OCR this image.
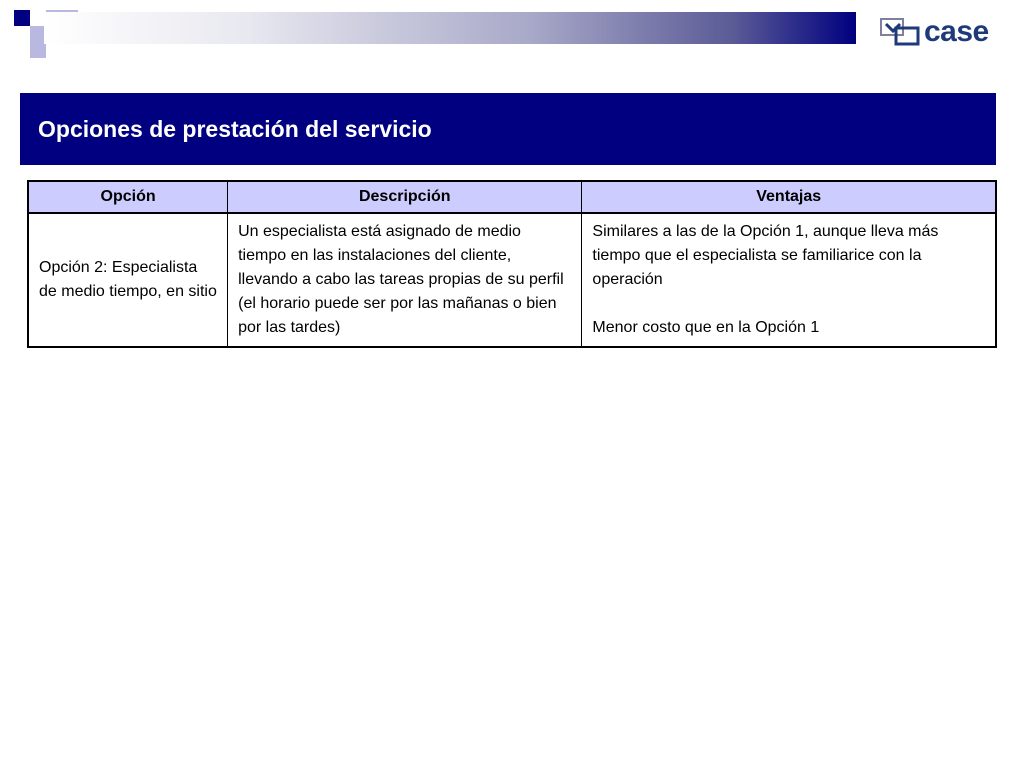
case
Opciones de prestación del servicio
Opción	Descripción	Ventajas
Opción 2: Especialista de medio tiempo, en sitio	Un especialista está asignado de medio tiempo en las instalaciones del cliente, llevando a cabo las tareas propias de su perfil (el horario puede ser por las mañanas o bien por las tardes)	Similares a las de la Opción 1, aunque lleva más tiempo que el especialista se familiarice con la operación
Menor costo que en la Opción 1
